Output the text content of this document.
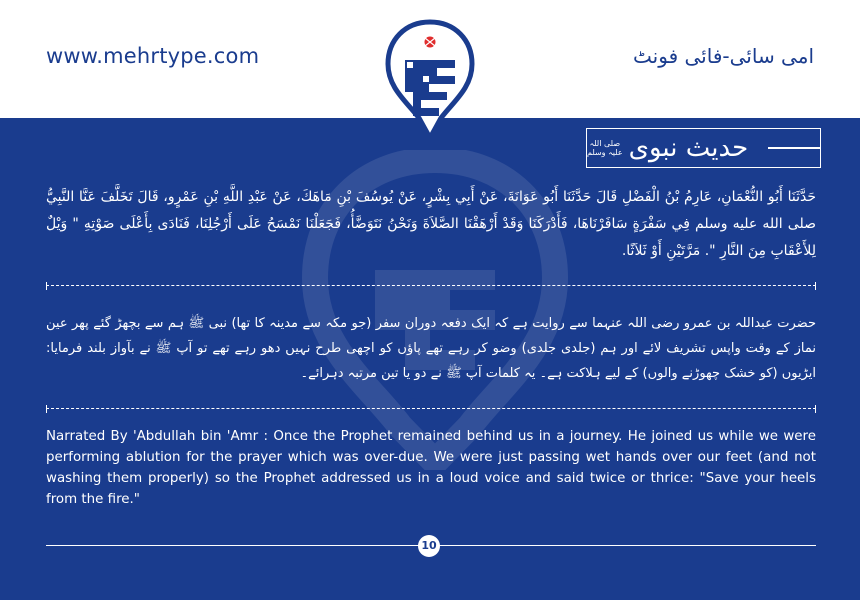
www.mehrtype.com	امی سائی-فائی فونٹ
حدیث نبوی
صلی اللہ
علیہ وسلم
حَدَّثَنَا أَبُو النُّعْمَانِ، عَارِمُ بْنُ الْفَضْلِ قَالَ حَدَّثَنَا أَبُو عَوَانَةَ، عَنْ أَبِي بِشْرٍ، عَنْ يُوسُفَ بْنِ مَاهَكَ، عَنْ عَبْدِ اللَّهِ بْنِ عَمْرٍو، قَالَ تَخَلَّفَ عَنَّا النَّبِيُّ صلى الله عليه وسلم فِي سَفْرَةٍ سَافَرْنَاهَا، فَأَدْرَكَنَا وَقَدْ أَرْهَقْنَا الصَّلاَةَ وَنَحْنُ نَتَوَضَّأُ، فَجَعَلْنَا نَمْسَحُ عَلَى أَرْجُلِنَا، فَنَادَى بِأَعْلَى صَوْتِهِ ‏"‏ وَيْلٌ لِلأَعْقَابِ مِنَ النَّارِ ‏"‏‏.‏ مَرَّتَيْنِ أَوْ ثَلاَثًا‏.‏
حضرت عبداللہ بن عمرو رضی اللہ عنہما سے روایت ہے کہ ایک دفعہ دوران سفر (جو مکہ سے مدینہ کا تھا) نبی ﷺ ہم سے بچھڑ گئے پھر عین نماز کے وقت واپس تشریف لائے اور ہم (جلدی جلدی) وضو کر رہے تھے پاؤں کو اچھی طرح نہیں دھو رہے تھے تو آپ ﷺ نے بآواز بلند فرمایا: ایڑیوں (کو خشک چھوڑنے والوں) کے لیے ہلاکت ہے۔ یہ کلمات آپ ﷺ نے دو یا تین مرتبہ دہرائے۔
Narrated By 'Abdullah bin 'Amr : Once the Prophet remained behind us in a journey. He joined us while we were performing ablution for the prayer which was over-due. We were just passing wet hands over our feet (and not washing them properly) so the Prophet addressed us in a loud voice and said twice or thrice: "Save your heels from the fire."
10
